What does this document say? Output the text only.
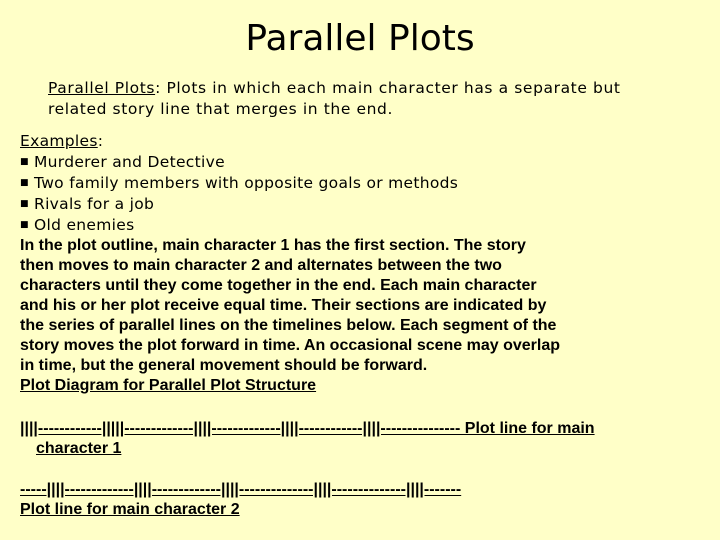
Parallel Plots
Parallel Plots: Plots in which each main character has a separate but
related story line that merges in the end.
Examples:
■ Murderer and Detective
■ Two family members with opposite goals or methods
■ Rivals for a job
■ Old enemies

In the plot outline, main character 1 has the first section. The story

then moves to main character 2 and alternates between the two

characters until they come together in the end. Each main character

and his or her plot receive equal time. Their sections are indicated by

the series of parallel lines on the timelines below. Each segment of the

story moves the plot forward in time. An occasional scene may overlap

in time, but the general movement should be forward.

Plot Diagram for Parallel Plot Structure

||||------------|||||-------------||||-------------||||------------||||--------------- Plot line for main
character 1
-----||||-------------||||-------------||||--------------||||--------------||||-------
Plot line for main character 2
